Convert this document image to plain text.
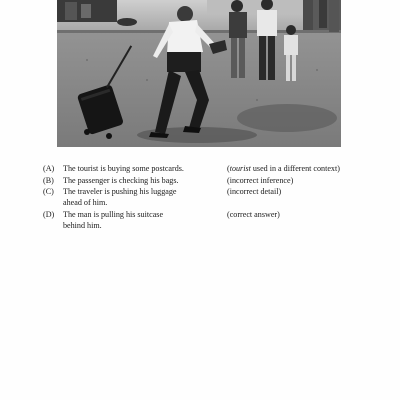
(A) The tourist is buying some postcards.	(tourist used in a different context)
(B) The passenger is checking his bags.	(incorrect inference)
(C) The traveler is pushing his luggage
ahead of him.
(incorrect detail)
(D) The man is pulling his suitcase
behind him.
(correct answer)
